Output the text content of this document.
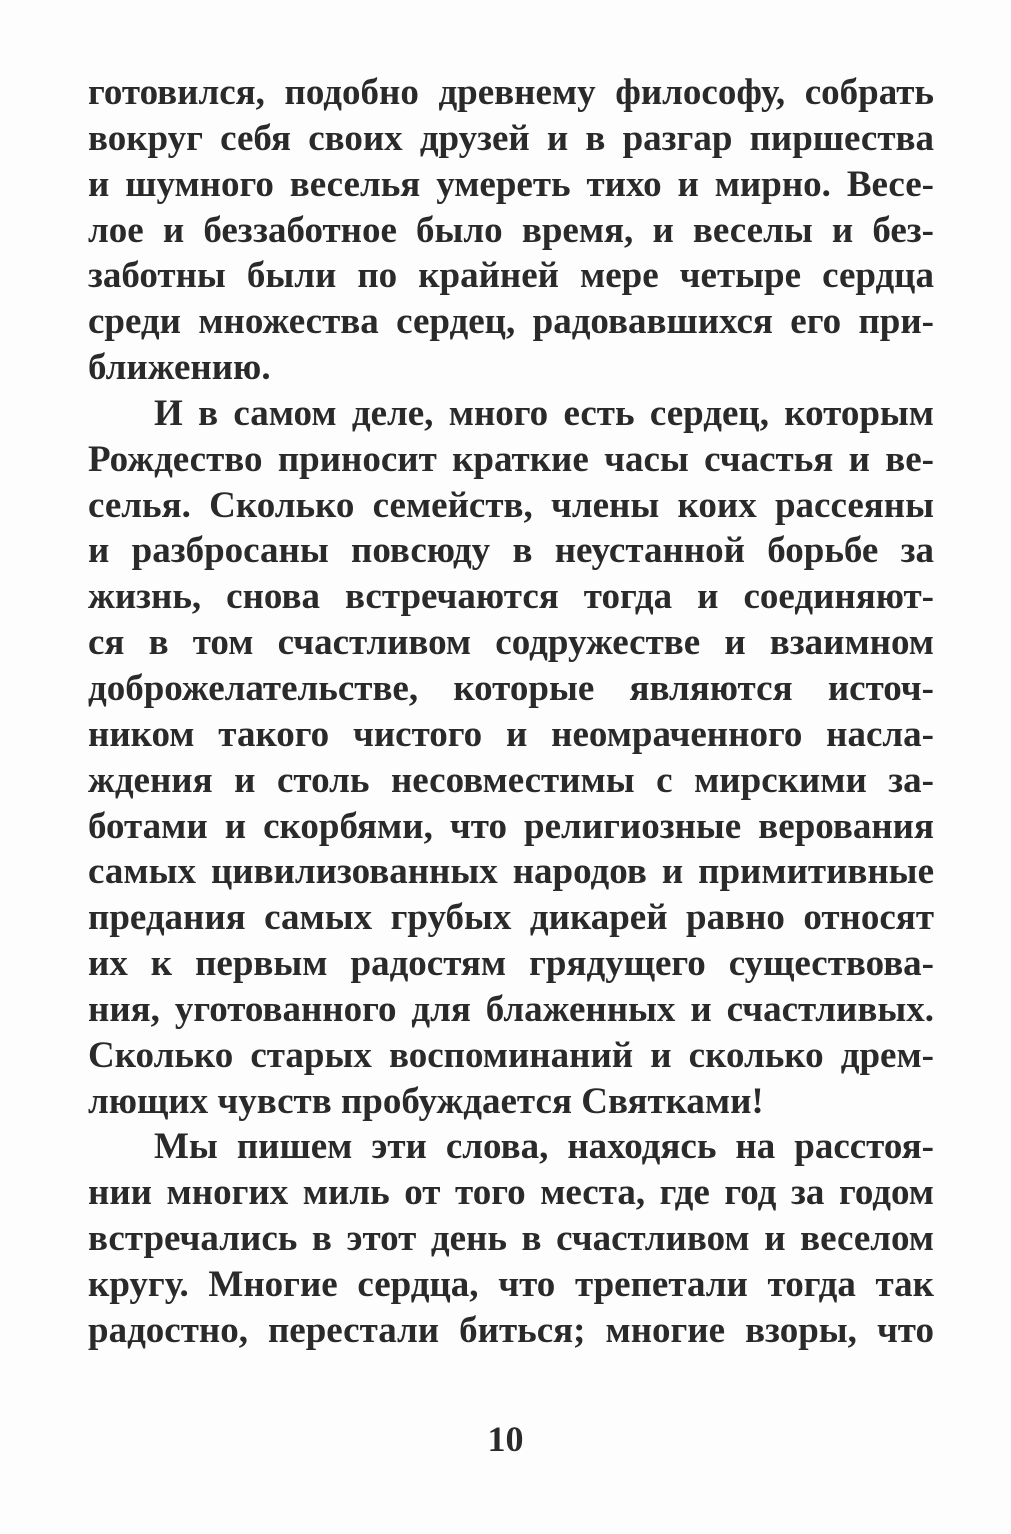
готовился, подобно древнему философу, собрать
вокруг себя своих друзей и в разгар пиршества
и шумного веселья умереть тихо и мирно. Весе-
лое и беззаботное было время, и веселы и без-
заботны были по крайней мере четыре сердца
среди множества сердец, радовавшихся его при-
ближению.
И в самом деле, много есть сердец, которым
Рождество приносит краткие часы счастья и ве-
селья. Сколько семейств, члены коих рассеяны
и разбросаны повсюду в неустанной борьбе за
жизнь, снова встречаются тогда и соединяют-
ся в том счастливом содружестве и взаимном
доброжелательстве, которые являются источ-
ником такого чистого и неомраченного насла-
ждения и столь несовместимы с мирскими за-
ботами и скорбями, что религиозные верования
самых цивилизованных народов и примитивные
предания самых грубых дикарей равно относят
их к первым радостям грядущего существова-
ния, уготованного для блаженных и счастливых.
Сколько старых воспоминаний и сколько дрем-
лющих чувств пробуждается Святками!
Мы пишем эти слова, находясь на расстоя-
нии многих миль от того места, где год за годом
встречались в этот день в счастливом и веселом
кругу. Многие сердца, что трепетали тогда так
радостно, перестали биться; многие взоры, что
10
